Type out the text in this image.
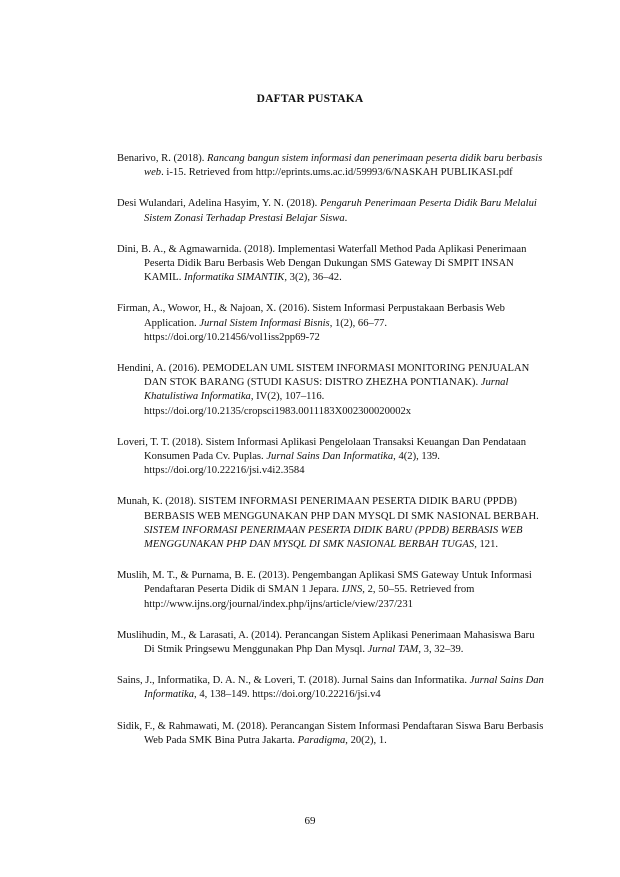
DAFTAR PUSTAKA

Benarivo, R. (2018). Rancang bangun sistem informasi dan penerimaan peserta didik baru berbasis web. i-15. Retrieved from http://eprints.ums.ac.id/59993/6/NASKAH PUBLIKASI.pdf

Desi Wulandari, Adelina Hasyim, Y. N. (2018). Pengaruh Penerimaan Peserta Didik Baru Melalui Sistem Zonasi Terhadap Prestasi Belajar Siswa.

Dini, B. A., & Agmawarnida. (2018). Implementasi Waterfall Method Pada Aplikasi Penerimaan Peserta Didik Baru Berbasis Web Dengan Dukungan SMS Gateway Di SMPIT INSAN KAMIL. Informatika SIMANTIK, 3(2), 36–42.

Firman, A., Wowor, H., & Najoan, X. (2016). Sistem Informasi Perpustakaan Berbasis Web Application. Jurnal Sistem Informasi Bisnis, 1(2), 66–77. https://doi.org/10.21456/vol1iss2pp69-72

Hendini, A. (2016). PEMODELAN UML SISTEM INFORMASI MONITORING PENJUALAN DAN STOK BARANG (STUDI KASUS: DISTRO ZHEZHA PONTIANAK). Jurnal Khatulistiwa Informatika, IV(2), 107–116. https://doi.org/10.2135/cropsci1983.0011183X002300020002x

Loveri, T. T. (2018). Sistem Informasi Aplikasi Pengelolaan Transaksi Keuangan Dan Pendataan Konsumen Pada Cv. Puplas. Jurnal Sains Dan Informatika, 4(2), 139. https://doi.org/10.22216/jsi.v4i2.3584

Munah, K. (2018). SISTEM INFORMASI PENERIMAAN PESERTA DIDIK BARU (PPDB) BERBASIS WEB MENGGUNAKAN PHP DAN MYSQL DI SMK NASIONAL BERBAH. SISTEM INFORMASI PENERIMAAN PESERTA DIDIK BARU (PPDB) BERBASIS WEB MENGGUNAKAN PHP DAN MYSQL DI SMK NASIONAL BERBAH TUGAS, 121.

Muslih, M. T., & Purnama, B. E. (2013). Pengembangan Aplikasi SMS Gateway Untuk Informasi Pendaftaran Peserta Didik di SMAN 1 Jepara. IJNS, 2, 50–55. Retrieved from http://www.ijns.org/journal/index.php/ijns/article/view/237/231

Muslihudin, M., & Larasati, A. (2014). Perancangan Sistem Aplikasi Penerimaan Mahasiswa Baru Di Stmik Pringsewu Menggunakan Php Dan Mysql. Jurnal TAM, 3, 32–39.

Sains, J., Informatika, D. A. N., & Loveri, T. (2018). Jurnal Sains dan Informatika. Jurnal Sains Dan Informatika, 4, 138–149. https://doi.org/10.22216/jsi.v4

Sidik, F., & Rahmawati, M. (2018). Perancangan Sistem Informasi Pendaftaran Siswa Baru Berbasis Web Pada SMK Bina Putra Jakarta. Paradigma, 20(2), 1.

69
